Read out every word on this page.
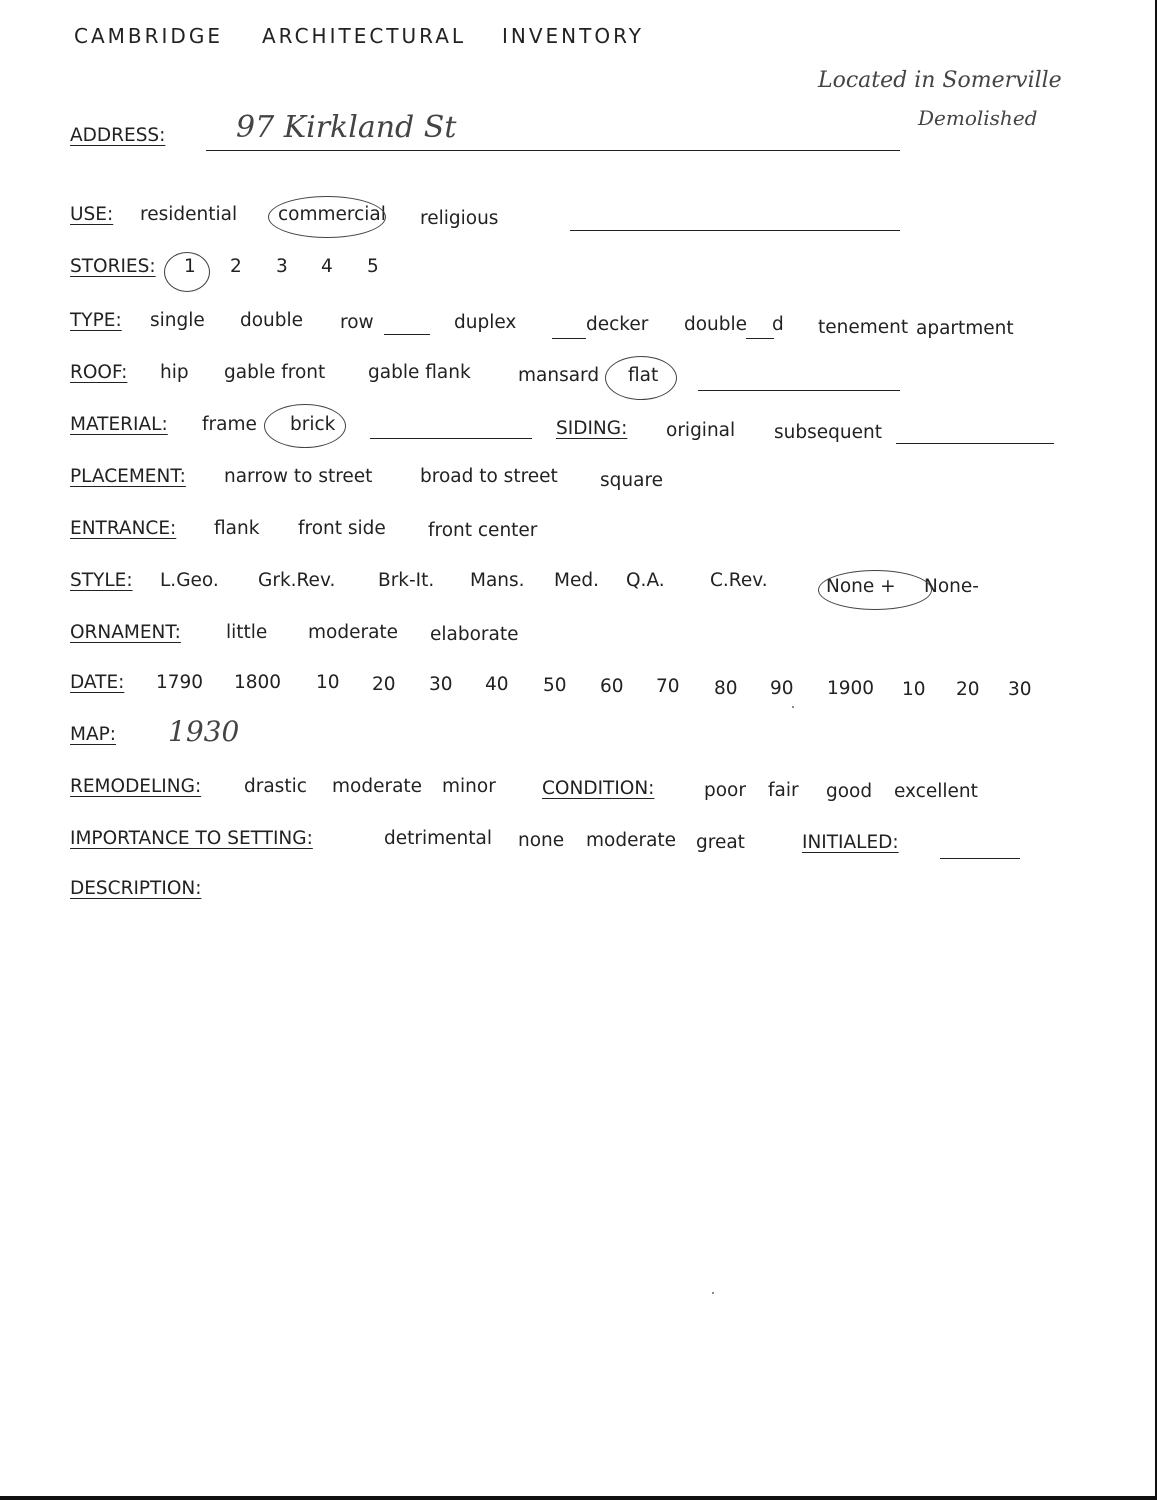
CAMBRIDGE ARCHITECTURAL INVENTORY
Located in Somerville
Demolished
ADDRESS: 97 Kirkland St
USE: residential commercial religious
STORIES: 1 2 3 4 5
TYPE: single double row	duplex	decker double d tenement apartment
ROOF: hip gable front gable flank	mansard flat
MATERIAL: frame brick	SIDING: original subsequent
PLACEMENT: narrow to street	broad to street square
ENTRANCE: flank front side front center
STYLE: L.Geo. Grk.Rev. Brk-It. Mans. Med. Q.A. C.Rev.	None + None-
ORNAMENT: little moderate elaborate
DATE: 1790 1800 10 20 30 40 50 60 70 80 90 1900 10 20 30
MAP: 1930
REMODELING: drastic moderate minor CONDITION:	poor fair good excellent
IMPORTANCE TO SETTING:	detrimental none moderate great	INITIALED:
DESCRIPTION:
